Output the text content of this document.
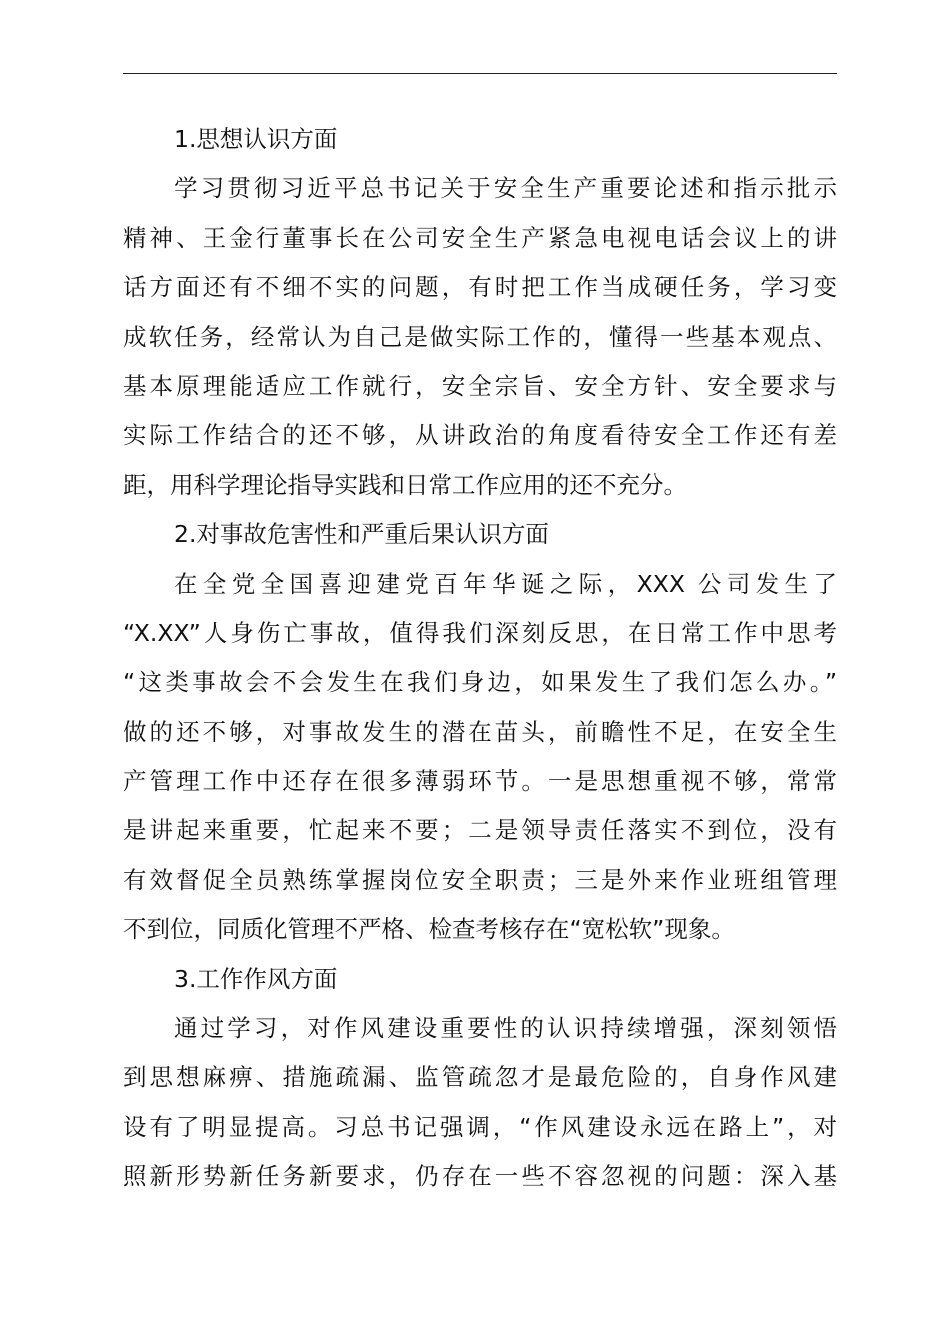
1.思想认识方面
学习贯彻习近平总书记关于安全生产重要论述和指示批示
精神、王金行董事长在公司安全生产紧急电视电话会议上的讲
话方面还有不细不实的问题，有时把工作当成硬任务，学习变
成软任务，经常认为自己是做实际工作的，懂得一些基本观点、
基本原理能适应工作就行，安全宗旨、安全方针、安全要求与
实际工作结合的还不够，从讲政治的角度看待安全工作还有差
距，用科学理论指导实践和日常工作应用的还不充分。
2.对事故危害性和严重后果认识方面
在全党全国喜迎建党百年华诞之际，XXX 公司发生了
“X.XX”人身伤亡事故，值得我们深刻反思，在日常工作中思考
“这类事故会不会发生在我们身边，如果发生了我们怎么办。”
做的还不够，对事故发生的潜在苗头，前瞻性不足，在安全生
产管理工作中还存在很多薄弱环节。一是思想重视不够，常常
是讲起来重要，忙起来不要；二是领导责任落实不到位，没有
有效督促全员熟练掌握岗位安全职责；三是外来作业班组管理
不到位，同质化管理不严格、检查考核存在“宽松软”现象。
3.工作作风方面
通过学习，对作风建设重要性的认识持续增强，深刻领悟
到思想麻痹、措施疏漏、监管疏忽才是最危险的，自身作风建
设有了明显提高。习总书记强调，“作风建设永远在路上”，对
照新形势新任务新要求，仍存在一些不容忽视的问题：深入基
